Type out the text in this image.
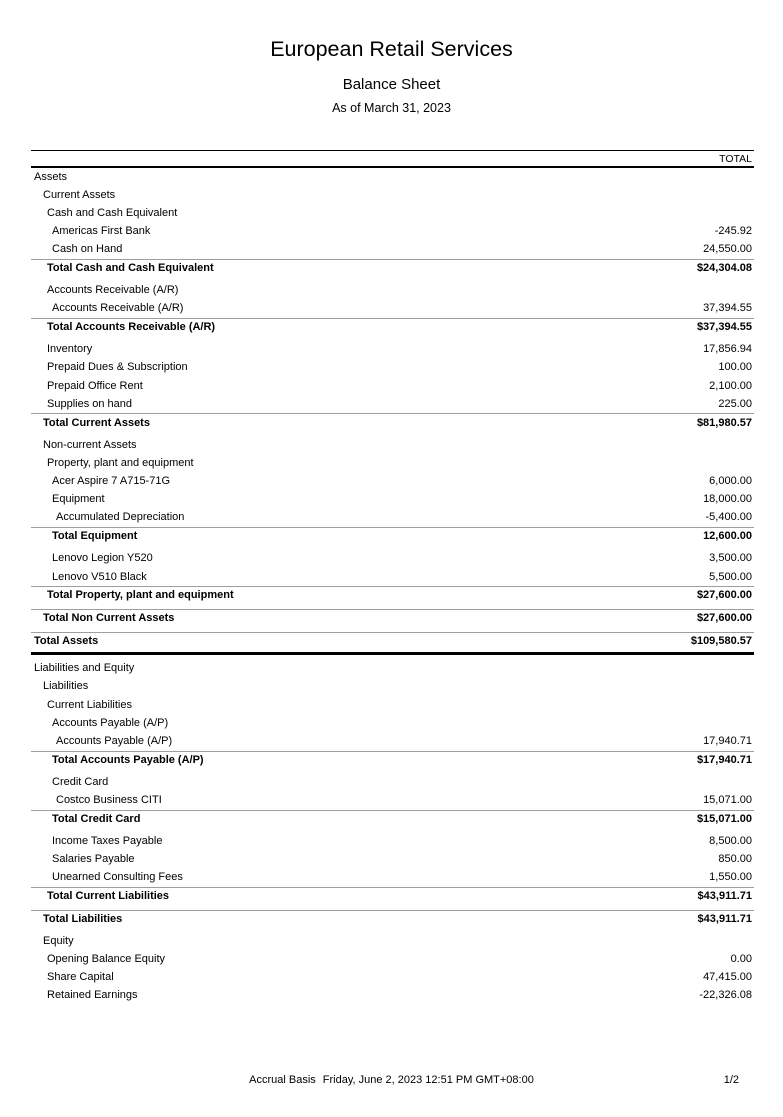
European Retail Services
Balance Sheet
As of March 31, 2023
TOTAL
Assets
Current Assets
Cash and Cash Equivalent
Americas First Bank	-245.92
Cash on Hand	24,550.00
Total Cash and Cash Equivalent	$24,304.08
Accounts Receivable (A/R)
Accounts Receivable (A/R)	37,394.55
Total Accounts Receivable (A/R)	$37,394.55
Inventory	17,856.94
Prepaid Dues & Subscription	100.00
Prepaid Office Rent	2,100.00
Supplies on hand	225.00
Total Current Assets	$81,980.57
Non-current Assets
Property, plant and equipment
Acer Aspire 7 A715-71G	6,000.00
Equipment	18,000.00
Accumulated Depreciation	-5,400.00
Total Equipment	12,600.00
Lenovo Legion Y520	3,500.00
Lenovo V510 Black	5,500.00
Total Property, plant and equipment	$27,600.00
Total Non Current Assets	$27,600.00
Total Assets	$109,580.57
Liabilities and Equity
Liabilities
Current Liabilities
Accounts Payable (A/P)
Accounts Payable (A/P)	17,940.71
Total Accounts Payable (A/P)	$17,940.71
Credit Card
Costco Business CITI	15,071.00
Total Credit Card	$15,071.00
Income Taxes Payable	8,500.00
Salaries Payable	850.00
Unearned Consulting Fees	1,550.00
Total Current Liabilities	$43,911.71
Total Liabilities	$43,911.71
Equity
Opening Balance Equity	0.00
Share Capital	47,415.00
Retained Earnings	-22,326.08
Accrual Basis Friday, June 2, 2023 12:51 PM GMT+08:00	1/2
